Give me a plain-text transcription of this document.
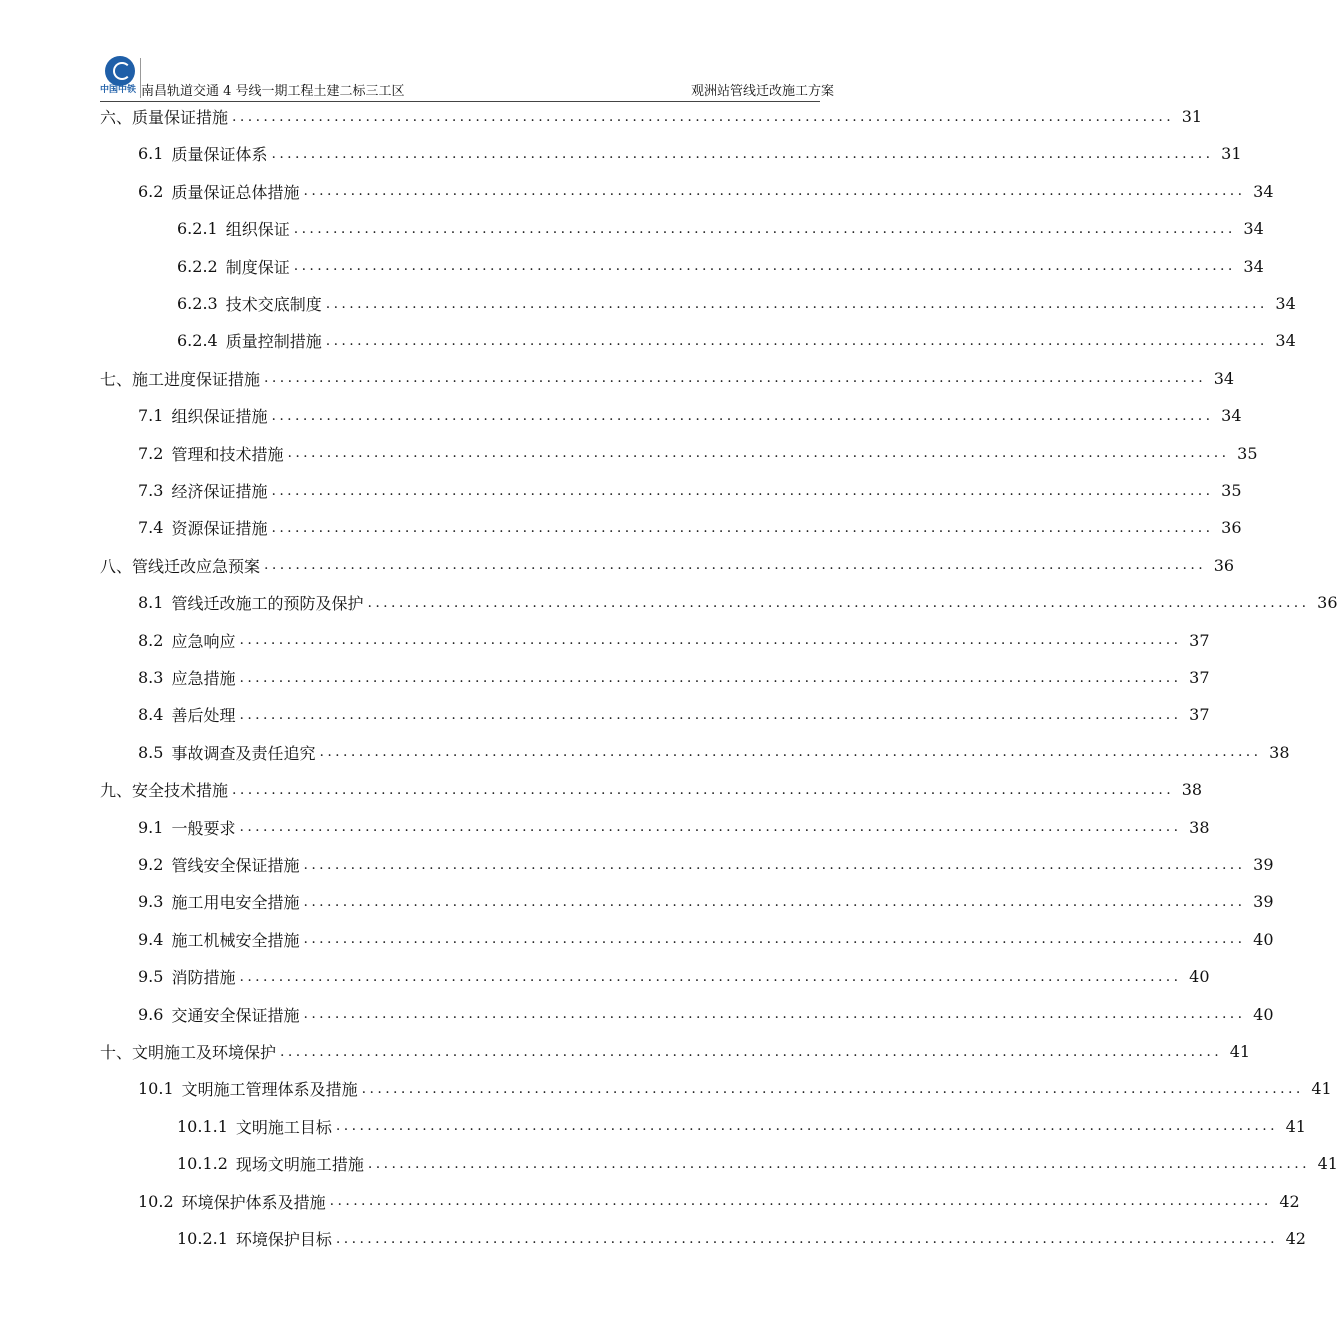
中国中铁 南昌轨道交通 4 号线一期工程土建二标三工区	观洲站管线迁改施工方案
六、 质量保证措施 ........................................................................................................................ 31
6.1 质量保证体系 ........................................................................................................................ 31
6.2 质量保证总体措施 ........................................................................................................................ 34
6.2.1 组织保证 ........................................................................................................................ 34
6.2.2 制度保证 ........................................................................................................................ 34
6.2.3 技术交底制度 ........................................................................................................................ 34
6.2.4 质量控制措施 ........................................................................................................................ 34
七、 施工进度保证措施 ........................................................................................................................ 34
7.1 组织保证措施 ........................................................................................................................ 34
7.2 管理和技术措施 ........................................................................................................................ 35
7.3 经济保证措施 ........................................................................................................................ 35
7.4 资源保证措施 ........................................................................................................................ 36
八、 管线迁改应急预案 ........................................................................................................................ 36
8.1 管线迁改施工的预防及保护 ........................................................................................................................ 36
8.2 应急响应 ........................................................................................................................ 37
8.3 应急措施 ........................................................................................................................ 37
8.4 善后处理 ........................................................................................................................ 37
8.5 事故调查及责任追究 ........................................................................................................................ 38
九、 安全技术措施 ........................................................................................................................ 38
9.1 一般要求 ........................................................................................................................ 38
9.2 管线安全保证措施 ........................................................................................................................ 39
9.3 施工用电安全措施 ........................................................................................................................ 39
9.4 施工机械安全措施 ........................................................................................................................ 40
9.5 消防措施 ........................................................................................................................ 40
9.6 交通安全保证措施 ........................................................................................................................ 40
十、 文明施工及环境保护 ........................................................................................................................ 41
10.1 文明施工管理体系及措施 ........................................................................................................................ 41
10.1.1 文明施工目标 ........................................................................................................................ 41
10.1.2 现场文明施工措施 ........................................................................................................................ 41
10.2 环境保护体系及措施 ........................................................................................................................ 42
10.2.1 环境保护目标 ........................................................................................................................ 42
